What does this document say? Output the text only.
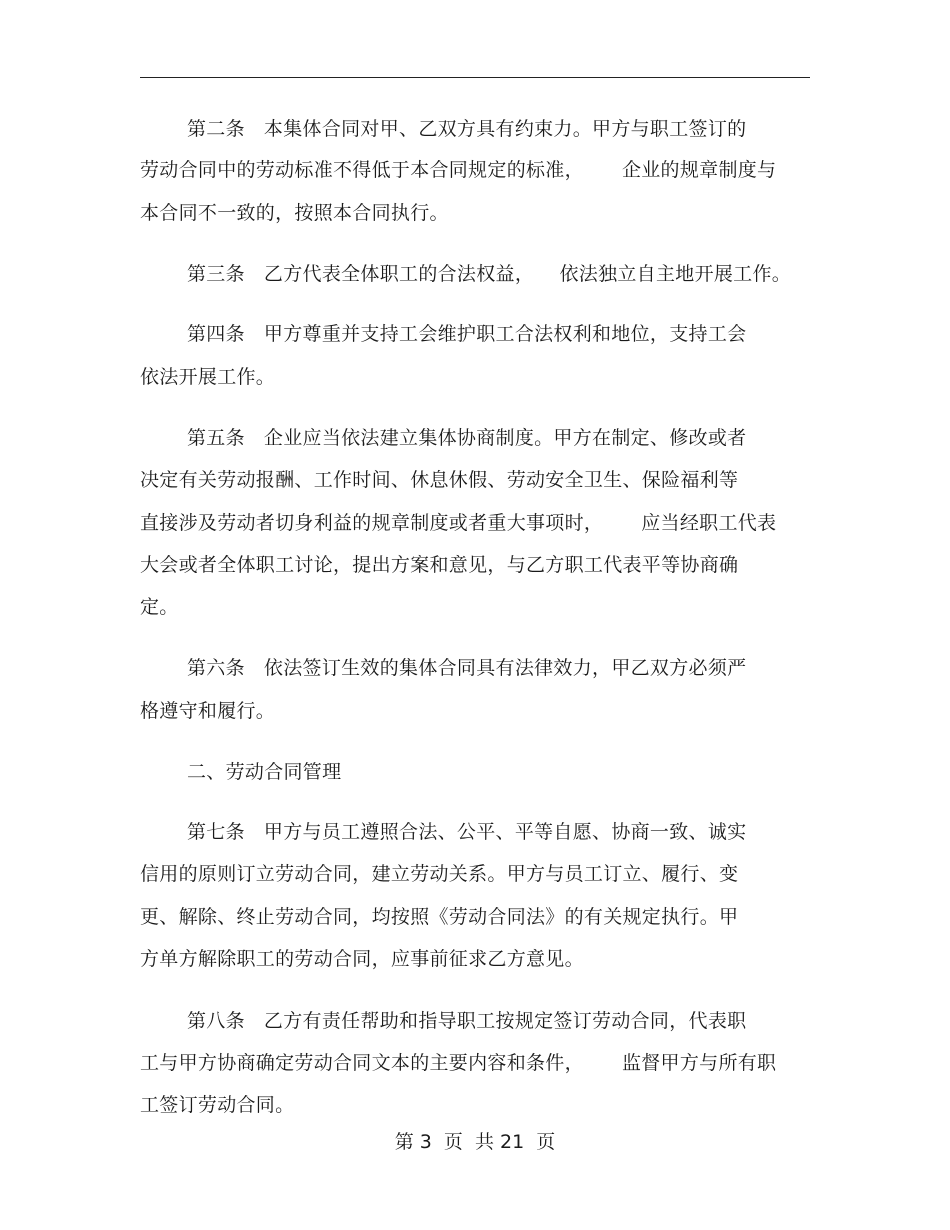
第二条   本集体合同对甲、乙双方具有约束力。甲方与职工签订的
劳动合同中的劳动标准不得低于本合同规定的标准，      企业的规章制度与
本合同不一致的，按照本合同执行。
第三条   乙方代表全体职工的合法权益，    依法独立自主地开展工作。
第四条   甲方尊重并支持工会维护职工合法权利和地位，支持工会
依法开展工作。
第五条   企业应当依法建立集体协商制度。甲方在制定、修改或者
决定有关劳动报酬、工作时间、休息休假、劳动安全卫生、保险福利等
直接涉及劳动者切身利益的规章制度或者重大事项时，      应当经职工代表
大会或者全体职工讨论，提出方案和意见，与乙方职工代表平等协商确
定。
第六条   依法签订生效的集体合同具有法律效力，甲乙双方必须严
格遵守和履行。
二、劳动合同管理
第七条   甲方与员工遵照合法、公平、平等自愿、协商一致、诚实
信用的原则订立劳动合同，建立劳动关系。甲方与员工订立、履行、变
更、解除、终止劳动合同，均按照《劳动合同法》的有关规定执行。甲
方单方解除职工的劳动合同，应事前征求乙方意见。
第八条   乙方有责任帮助和指导职工按规定签订劳动合同，代表职
工与甲方协商确定劳动合同文本的主要内容和条件，      监督甲方与所有职
工签订劳动合同。
第 3  页  共 21  页
